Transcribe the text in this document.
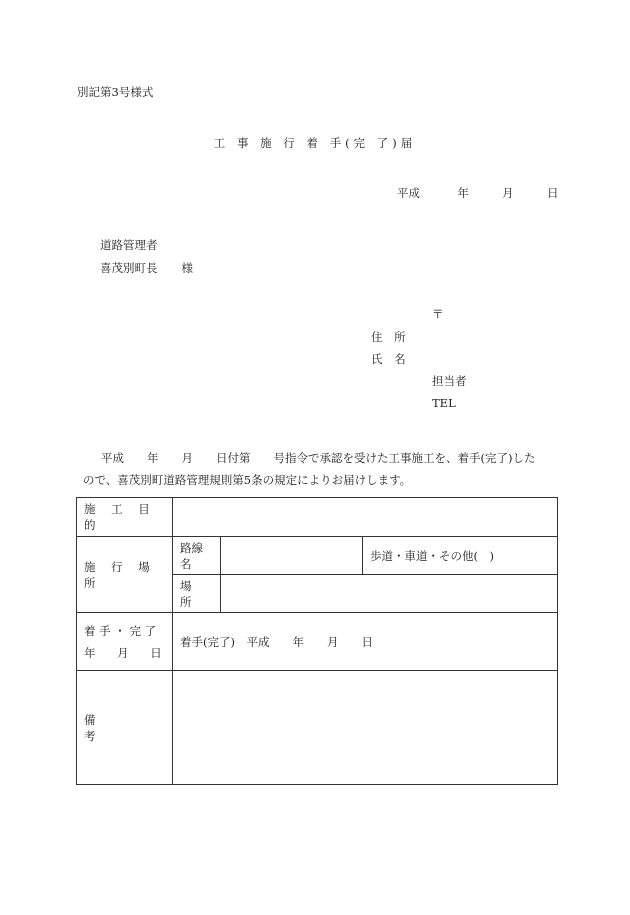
別記第3号様式
工 事 施 行 着 手(完 了)届
平成	年	月	日
道路管理者
喜茂別町長 様
〒
住 所
氏 名
担当者
TEL
平成　　年　　月　　日付第　　号指令で承認を受けた工事施工を、着手(完了)した
ので、喜茂別町道路管理規則第5条の規定によりお届けします。
施 工 目 的			
施 行 場 所	路線名		歩道・車道・その他(　)
	場 所		

着 手 ・ 完 了
年 月 日	着手(完了)　平成　　年　　月　　日		
備 考			
